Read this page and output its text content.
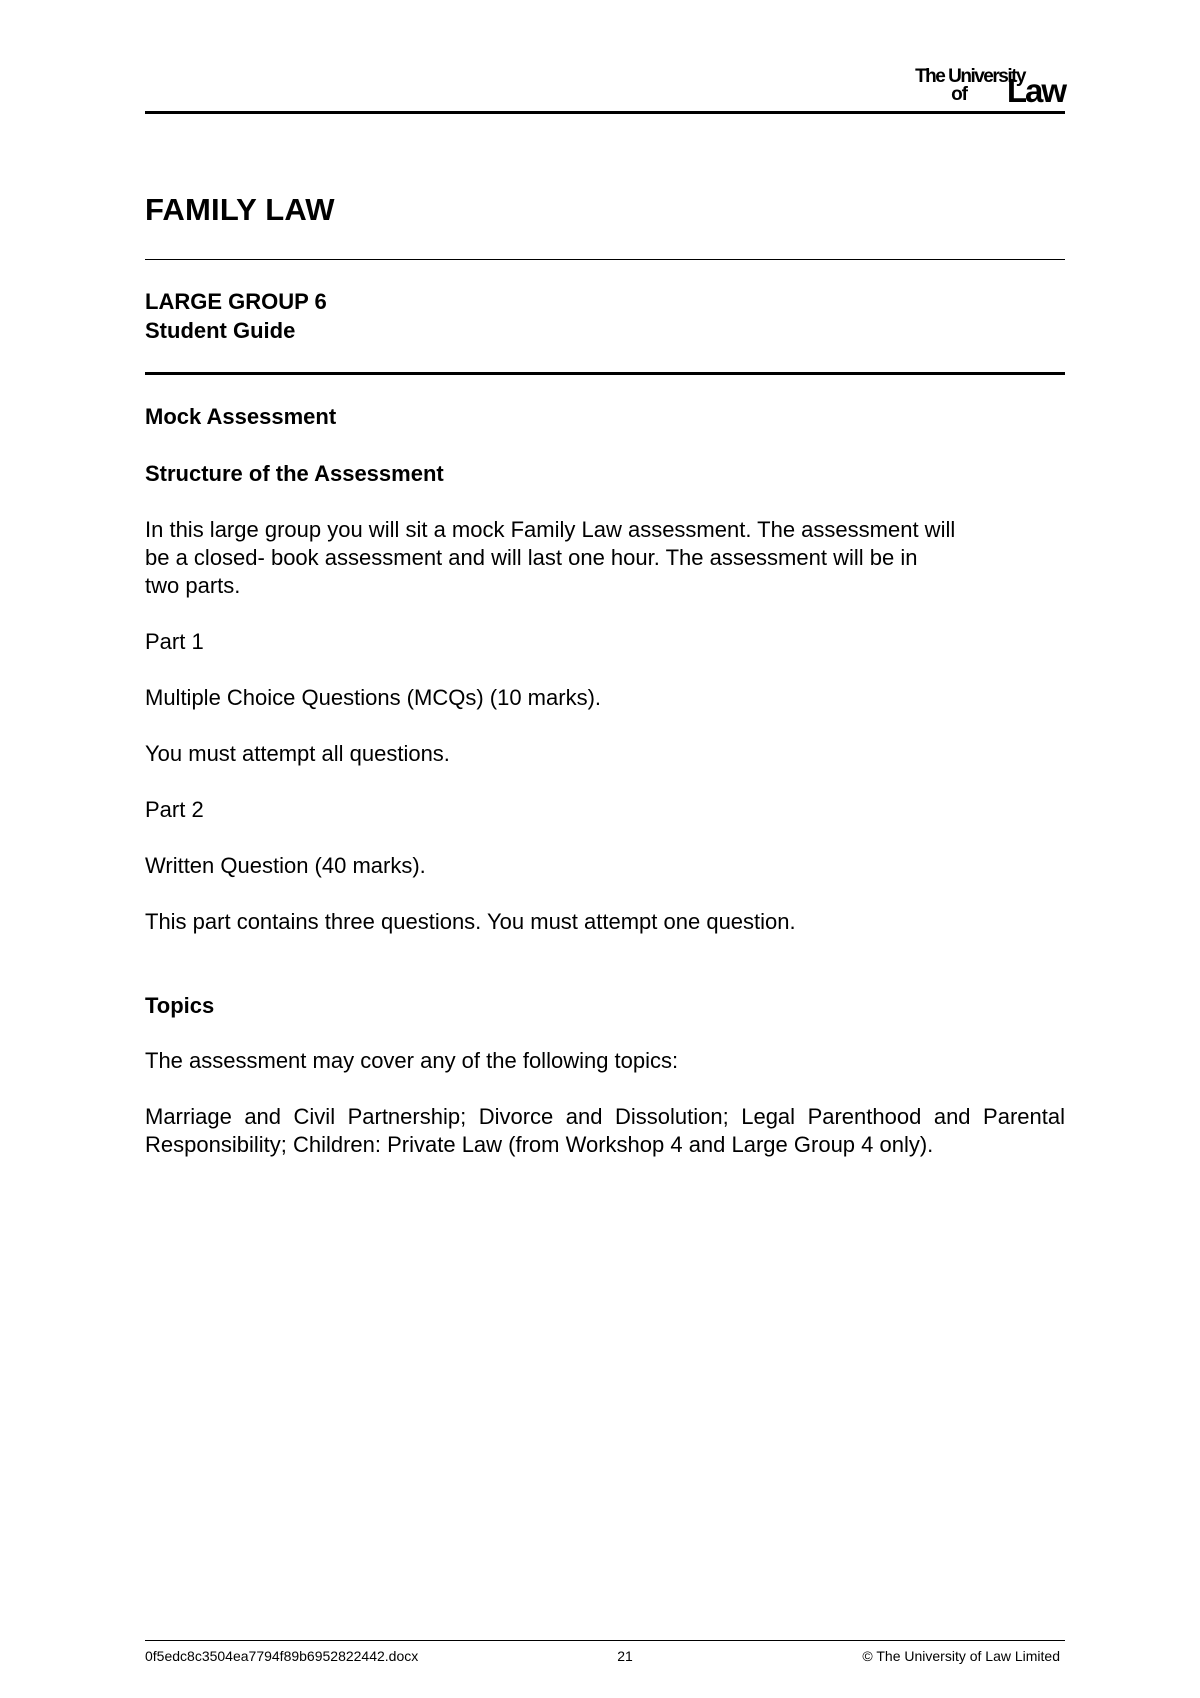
The University
of Law
FAMILY LAW
LARGE GROUP 6
Student Guide
Mock Assessment
Structure of the Assessment
In this large group you will sit a mock Family Law assessment. The assessment will
be a closed- book assessment and will last one hour. The assessment will be in
two parts.
Part 1
Multiple Choice Questions (MCQs) (10 marks).
You must attempt all questions.
Part 2
Written Question (40 marks).
This part contains three questions. You must attempt one question.
Topics
The assessment may cover any of the following topics:
Marriage and Civil Partnership; Divorce and Dissolution; Legal Parenthood and Parental Responsibility; Children: Private Law (from Workshop 4 and Large Group 4 only).
0f5edc8c3504ea7794f89b6952822442.docx	21	© The University of Law Limited
